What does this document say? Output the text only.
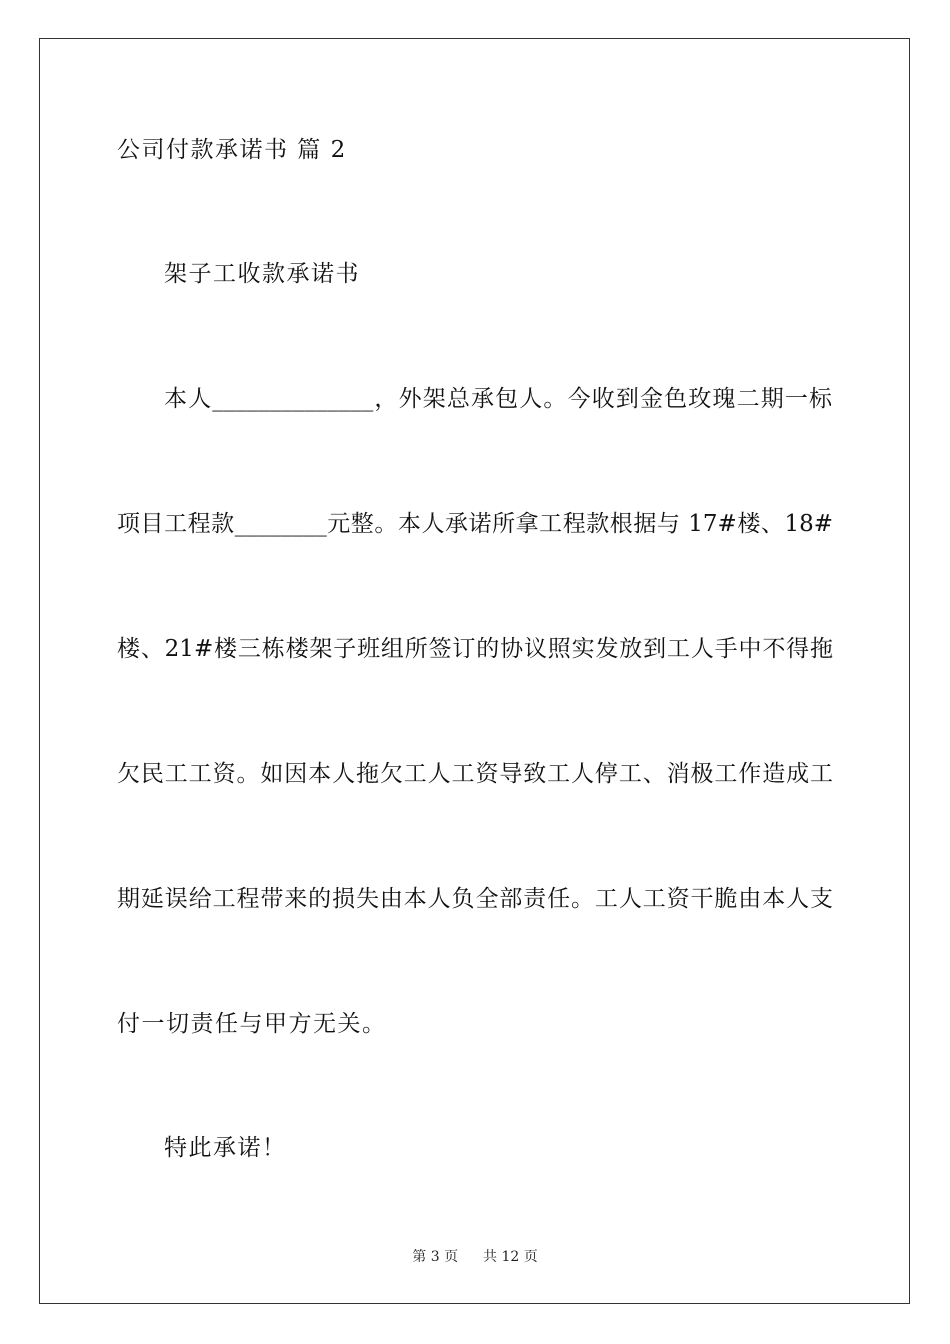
公司付款承诺书 篇 2
架子工收款承诺书
本人______________，外架总承包人。今收到金色玫瑰二期一标
项目工程款________元整。本人承诺所拿工程款根据与 17#楼、18#
楼、21#楼三栋楼架子班组所签订的协议照实发放到工人手中不得拖
欠民工工资。如因本人拖欠工人工资导致工人停工、消极工作造成工
期延误给工程带来的损失由本人负全部责任。工人工资干脆由本人支
付一切责任与甲方无关。
特此承诺！
第 3 页 共 12 页
